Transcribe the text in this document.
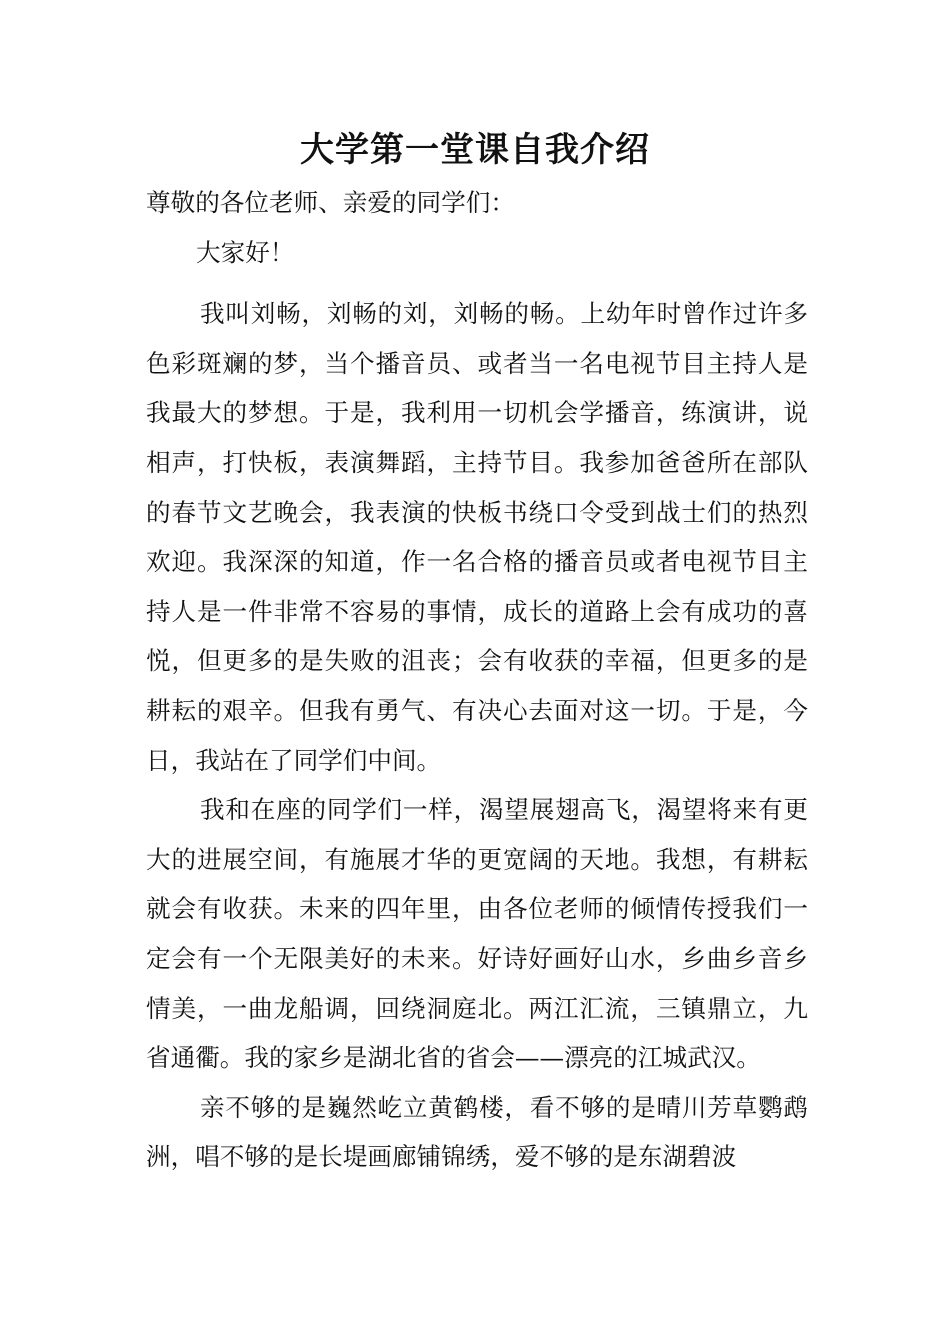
大学第一堂课自我介绍

尊敬的各位老师、亲爱的同学们：

大家好！

我叫刘畅，刘畅的刘，刘畅的畅。上幼年时曾作过许多色彩斑斓的梦，当个播音员、或者当一名电视节目主持人是我最大的梦想。于是，我利用一切机会学播音，练演讲，说相声，打快板，表演舞蹈，主持节目。我参加爸爸所在部队的春节文艺晚会，我表演的快板书绕口令受到战士们的热烈欢迎。我深深的知道，作一名合格的播音员或者电视节目主持人是一件非常不容易的事情，成长的道路上会有成功的喜悦，但更多的是失败的沮丧；会有收获的幸福，但更多的是耕耘的艰辛。但我有勇气、有决心去面对这一切。于是，今日，我站在了同学们中间。

我和在座的同学们一样，渴望展翅高飞，渴望将来有更大的进展空间，有施展才华的更宽阔的天地。我想，有耕耘就会有收获。未来的四年里，由各位老师的倾情传授我们一定会有一个无限美好的未来。好诗好画好山水，乡曲乡音乡情美，一曲龙船调，回绕洞庭北。两江汇流，三镇鼎立，九省通衢。我的家乡是湖北省的省会——漂亮的江城武汉。

亲不够的是巍然屹立黄鹤楼，看不够的是晴川芳草鹦鹉洲，唱不够的是长堤画廊铺锦绣，爱不够的是东湖碧波
